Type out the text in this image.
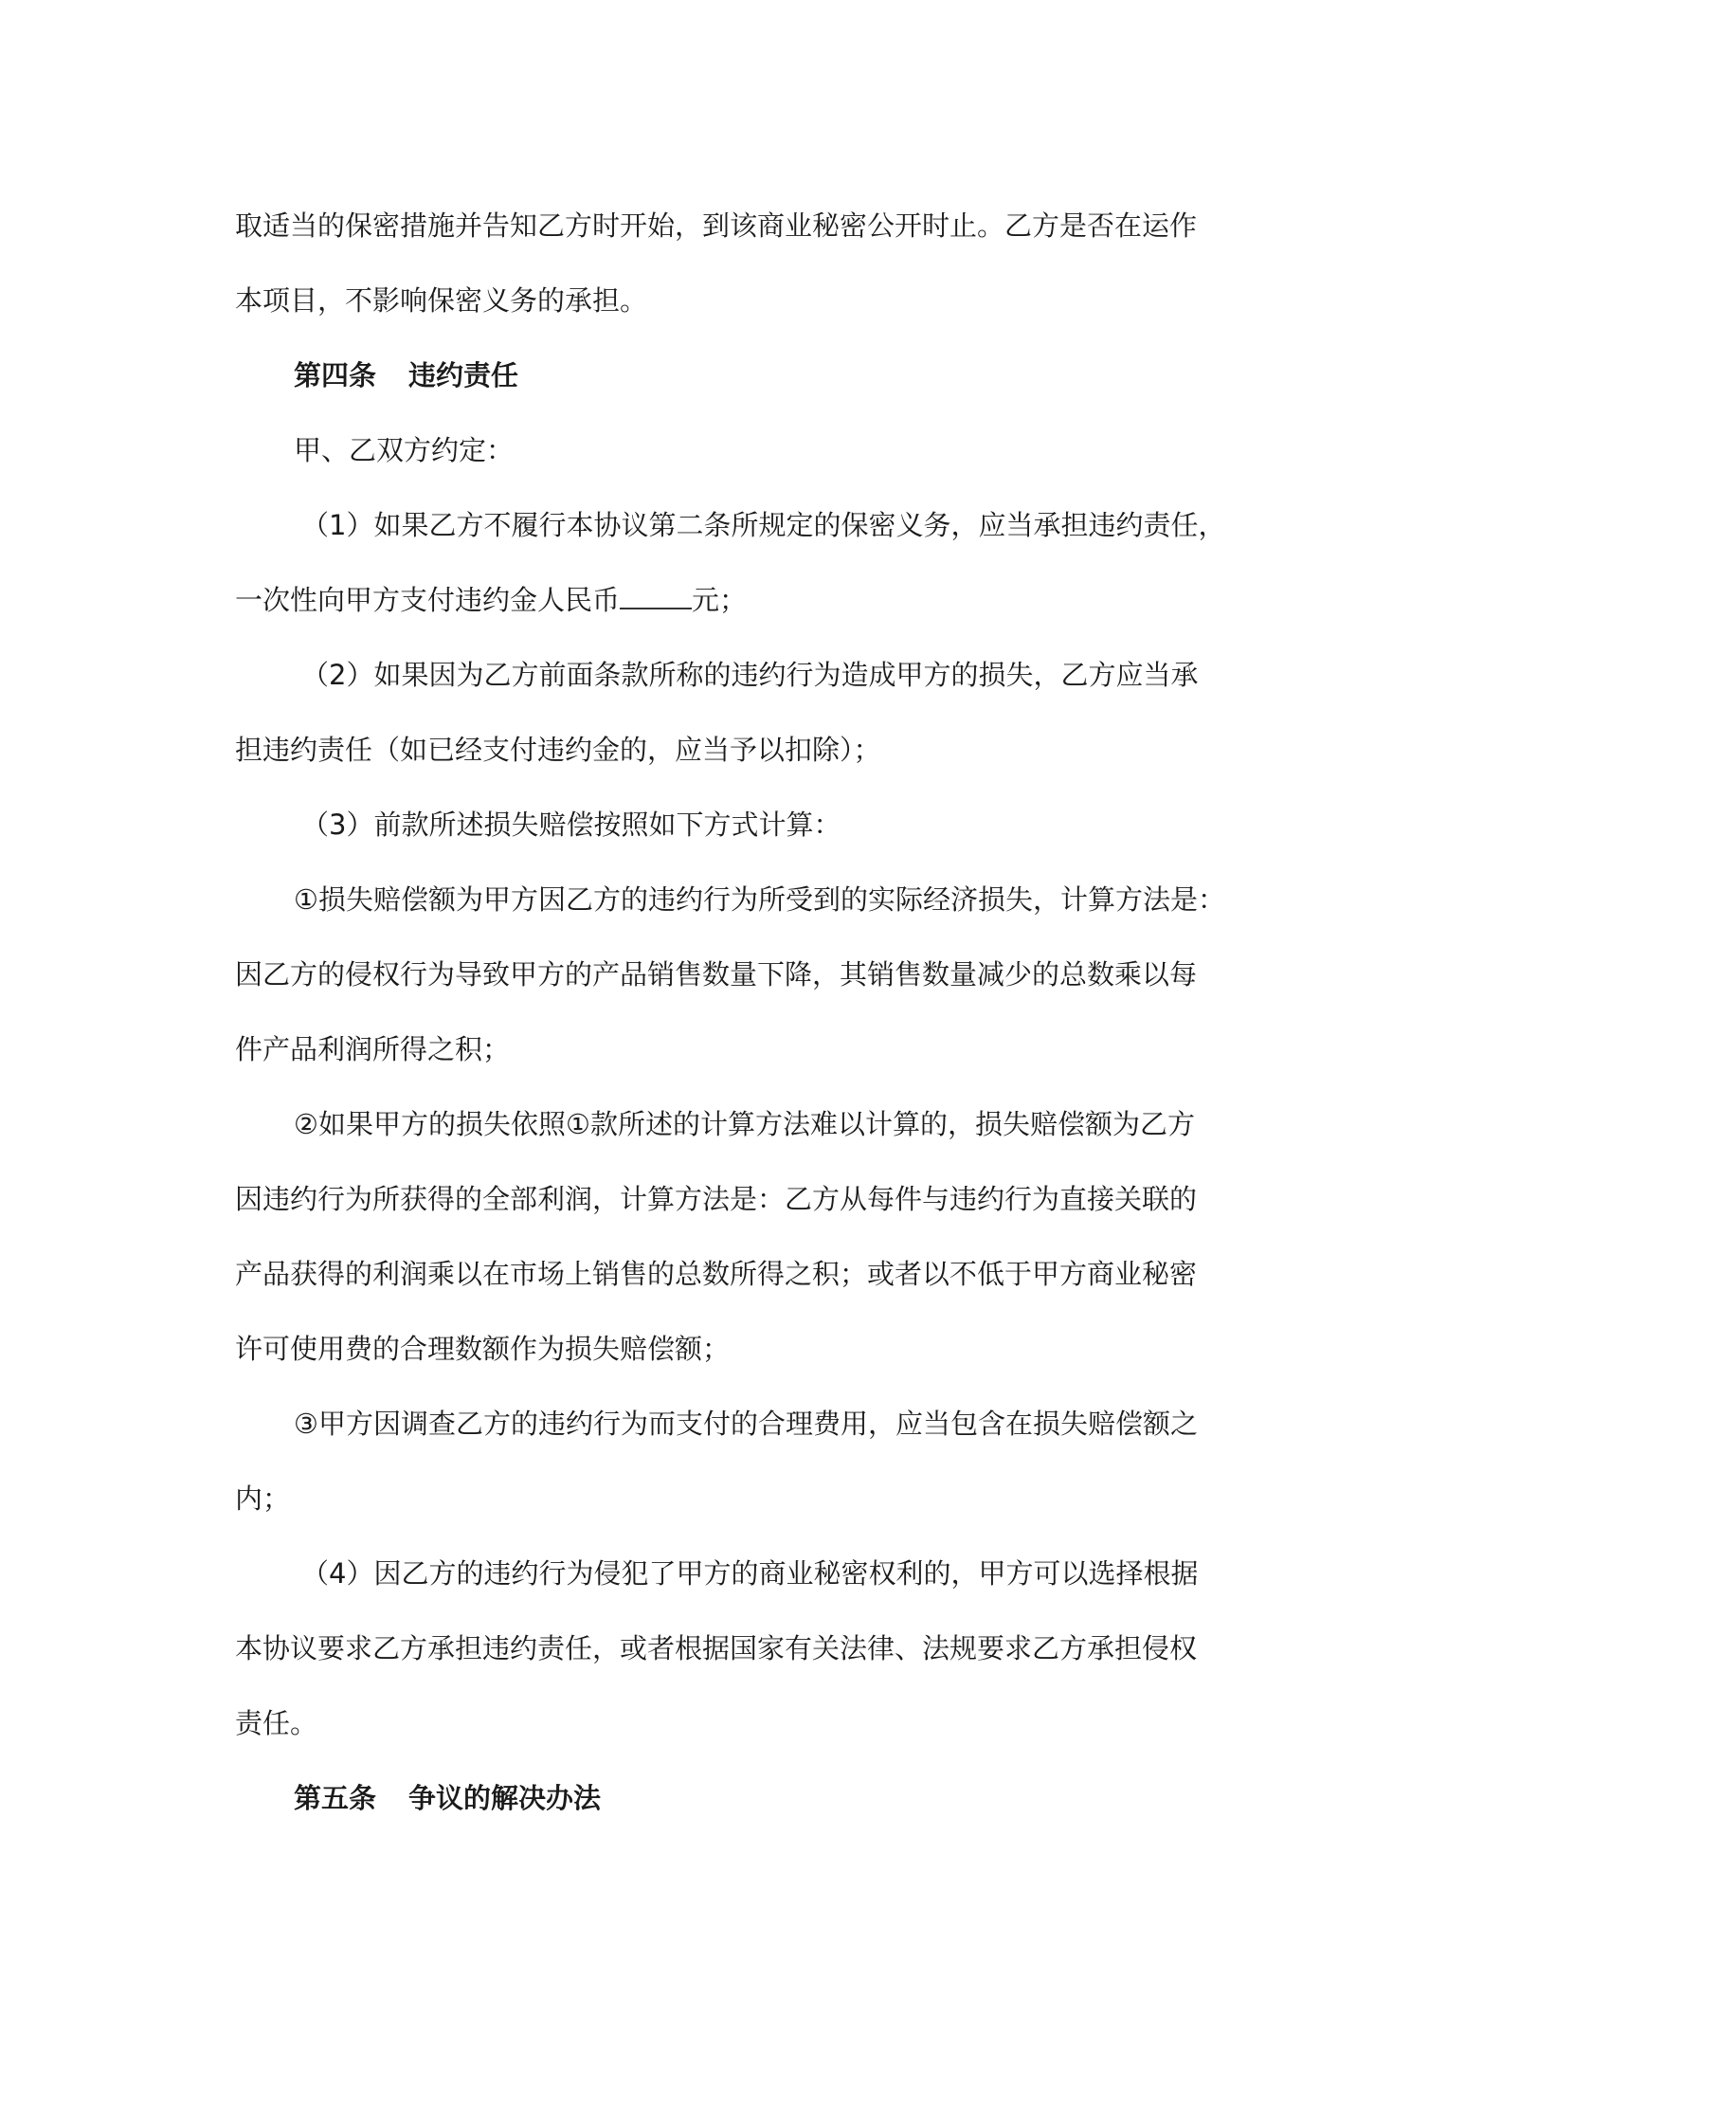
取适当的保密措施并告知乙方时开始，到该商业秘密公开时止。乙方是否在运作
本项目，不影响保密义务的承担。
第四条 违约责任
甲、乙双方约定：
（1）如果乙方不履行本协议第二条所规定的保密义务，应当承担违约责任，
一次性向甲方支付违约金人民币	元；
（2）如果因为乙方前面条款所称的违约行为造成甲方的损失，乙方应当承
担违约责任（如已经支付违约金的，应当予以扣除）；
（3）前款所述损失赔偿按照如下方式计算：
①损失赔偿额为甲方因乙方的违约行为所受到的实际经济损失，计算方法是：
因乙方的侵权行为导致甲方的产品销售数量下降，其销售数量减少的总数乘以每
件产品利润所得之积；
②如果甲方的损失依照①款所述的计算方法难以计算的，损失赔偿额为乙方
因违约行为所获得的全部利润，计算方法是：乙方从每件与违约行为直接关联的
产品获得的利润乘以在市场上销售的总数所得之积；或者以不低于甲方商业秘密
许可使用费的合理数额作为损失赔偿额；
③甲方因调查乙方的违约行为而支付的合理费用，应当包含在损失赔偿额之
内；
（4）因乙方的违约行为侵犯了甲方的商业秘密权利的，甲方可以选择根据
本协议要求乙方承担违约责任，或者根据国家有关法律、法规要求乙方承担侵权
责任。
第五条 争议的解决办法
